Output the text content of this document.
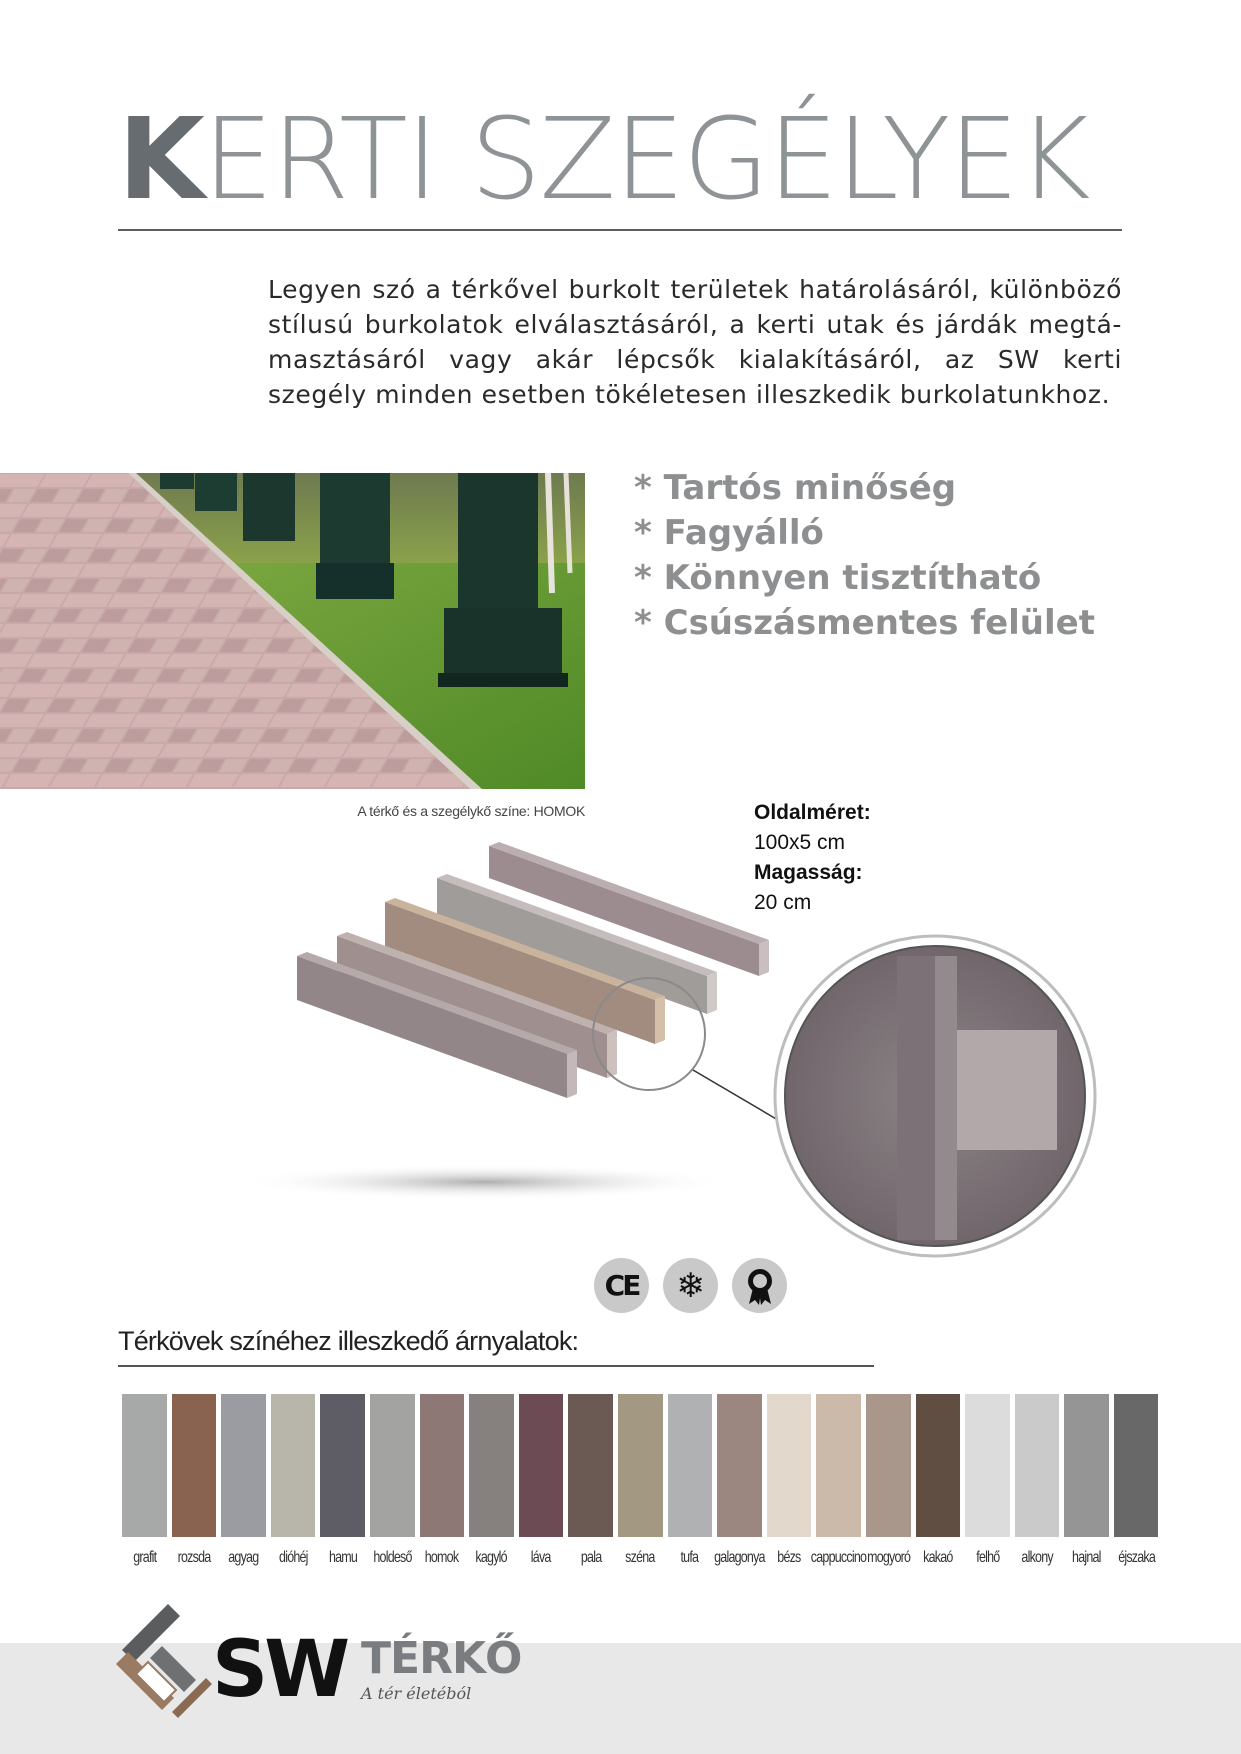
KERTI SZEGÉLYEK

Legyen szó a térkővel burkolt területek határolásáról, különböző stílusú burkolatok elválasztásáról, a kerti utak és járdák megtá-masztásáról vagy akár lépcsők kialakításáról, az SW kerti szegély minden esetben tökéletesen illeszkedik burkolatunkhoz.

A térkő és a szegélykő színe: HOMOK
* Tartós minőség
* Fagyálló
* Könnyen tisztítható
* Csúszásmentes felület
Oldalméret:
100x5 cm
Magasság:
20 cm
CE	❄
Térkövek színéhez illeszkedő árnyalatok:
grafit rozsda agyag dióhéj hamu holdeső homok kagyló láva pala széna tufa galagonya bézs cappuccino mogyoró kakaó felhő alkony hajnal éjszaka
SW TÉRKŐ
A tér életéból
